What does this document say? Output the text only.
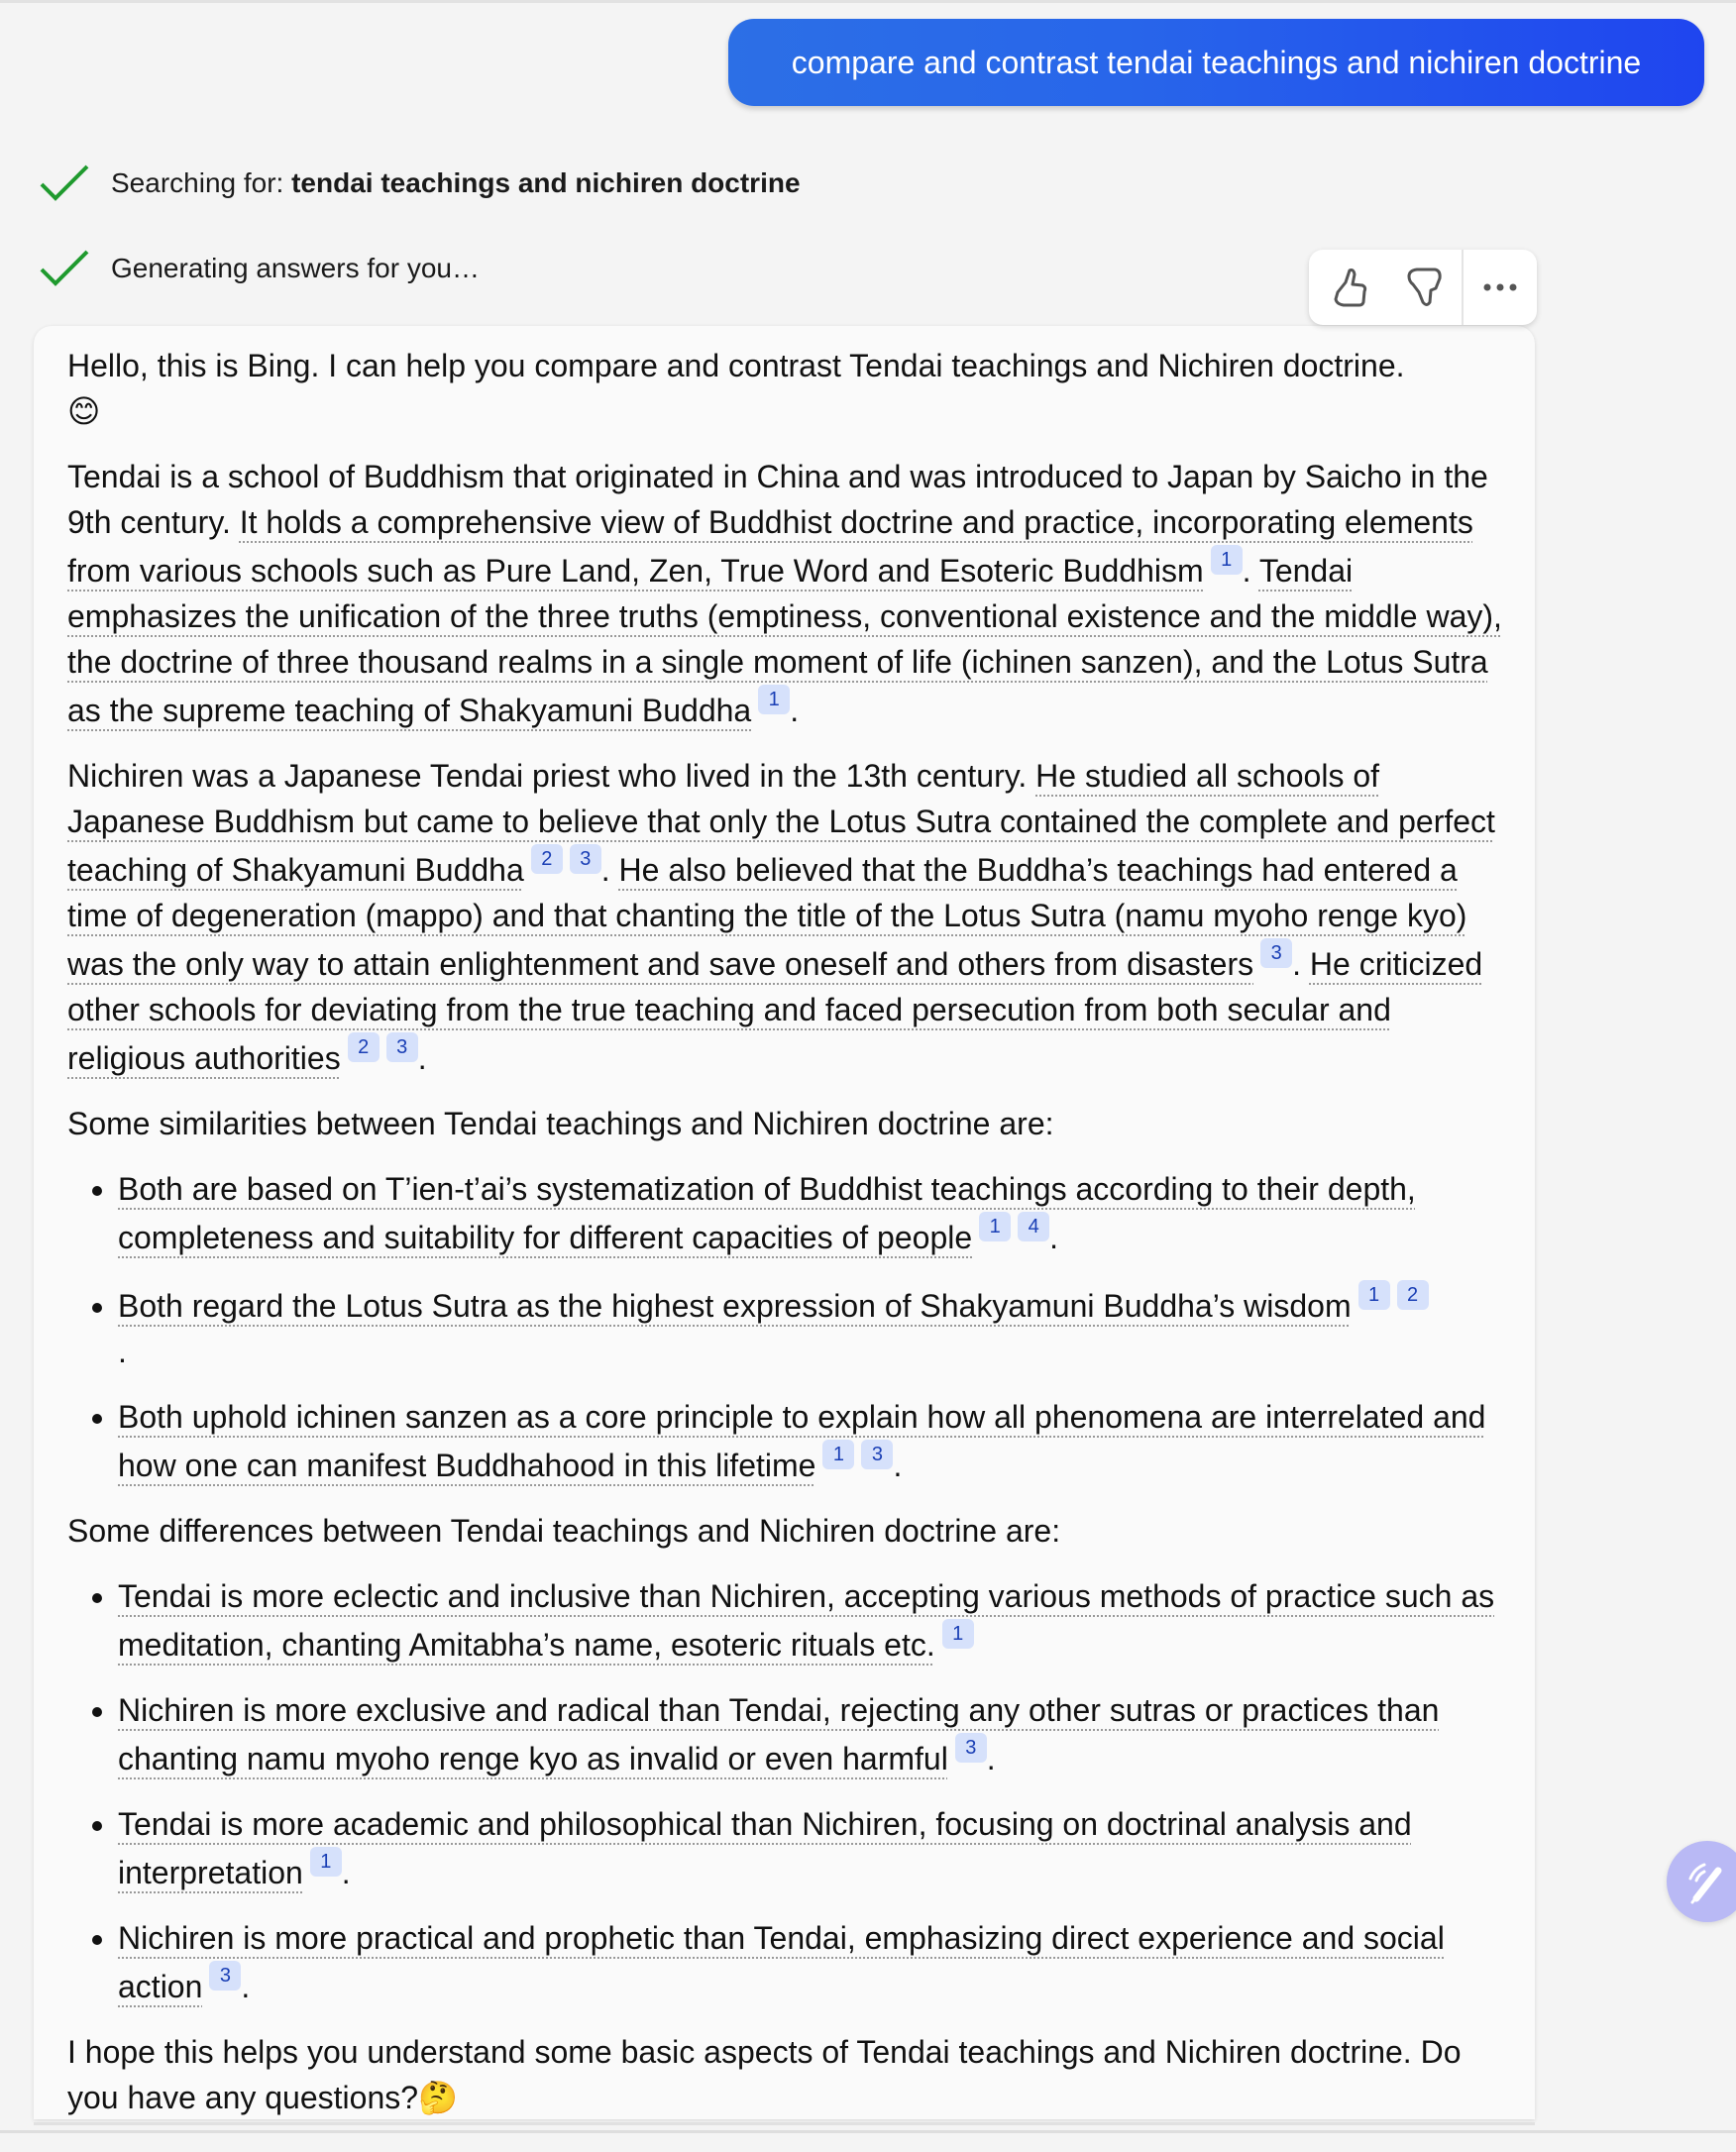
compare and contrast tendai teachings and nichiren doctrine
Searching for: tendai teachings and nichiren doctrine
Generating answers for you…

Hello, this is Bing. I can help you compare and contrast Tendai teachings and Nichiren doctrine.
😊

Tendai is a school of Buddhism that originated in China and was introduced to Japan by Saicho in the 9th century. It holds a comprehensive view of Buddhist doctrine and practice, incorporating elements from various schools such as Pure Land, Zen, True Word and Esoteric Buddhism 1 . Tendai emphasizes the unification of the three truths (emptiness, conventional existence and the middle way), the doctrine of three thousand realms in a single moment of life (ichinen sanzen), and the Lotus Sutra as the supreme teaching of Shakyamuni Buddha 1 .

Nichiren was a Japanese Tendai priest who lived in the 13th century. He studied all schools of Japanese Buddhism but came to believe that only the Lotus Sutra contained the complete and perfect teaching of Shakyamuni Buddha 2 3 . He also believed that the Buddha’s teachings had entered a time of degeneration (mappo) and that chanting the title of the Lotus Sutra (namu myoho renge kyo) was the only way to attain enlightenment and save oneself and others from disasters 3 . He criticized other schools for deviating from the true teaching and faced persecution from both secular and religious authorities 2 3 .

Some similarities between Tendai teachings and Nichiren doctrine are:

• Both are based on T’ien-t’ai’s systematization of Buddhist teachings according to their depth, completeness and suitability for different capacities of people 1 4 .
• Both regard the Lotus Sutra as the highest expression of Shakyamuni Buddha’s wisdom 1 2
.
• Both uphold ichinen sanzen as a core principle to explain how all phenomena are interrelated and how one can manifest Buddhahood in this lifetime 1 3 .

Some differences between Tendai teachings and Nichiren doctrine are:

• Tendai is more eclectic and inclusive than Nichiren, accepting various methods of practice such as meditation, chanting Amitabha’s name, esoteric rituals etc. 1
• Nichiren is more exclusive and radical than Tendai, rejecting any other sutras or practices than chanting namu myoho renge kyo as invalid or even harmful 3 .
• Tendai is more academic and philosophical than Nichiren, focusing on doctrinal analysis and interpretation 1 .
• Nichiren is more practical and prophetic than Tendai, emphasizing direct experience and social action 3 .

I hope this helps you understand some basic aspects of Tendai teachings and Nichiren doctrine. Do you have any questions?🤔
